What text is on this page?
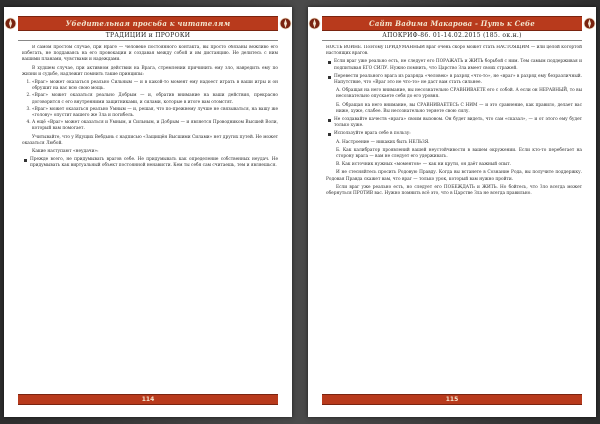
Убедительная просьба к читателям
ТРАДИЦИИ и ПРОРОКИ

В самом простом случае, при Враге — человеке постоянного контакта, вы просто обязаны вежливо его избегать, не поддаваясь на его провокации и создавая между собой и им дистанцию. Не делитесь с ним вашими планами, чувствами и надеждами.

В худшем случае, при активном действии на Врага, стремлении причинить ему зло, навредить ему по жизни и судьбе, надлежит помнить такие принципы:

1. «Враг» может оказаться реально Сильным — и в какой-то момент ему надоест играть в ваши игры и он обрушит на вас всю свою мощь.
2. «Враг» может оказаться реально Добрым — и, обратив внимание на ваши действия, прекрасно договорится с его внутренними защитниками, и силами, которые в итоге вам отомстят.
3. «Враг» может оказаться реально Умным — и, решая, что по-прежнему лучше не связываться, на вашу же «голову» опустит вашего же Зла и погибель.
4. А ещё «Враг» может оказаться и Умным, и Сильным, и Добрым — и является Проводником Высшей Воли, который вам помогает.

Учитывайте, что у Идущих Вебдынь с надписью «Защищён Высшими Силами» нет других путей. Не может оказаться Любой.

Какие наступают «неудачи»:

Прежде всего, не придумывать врагов себе. Не придумывать как определение собственных неудач. Не придумывать как виртуальный объект постоянной ненависти. Кем ты себя сам считаешь, тем и являешься.
114
Сайт Вадима Макарова - Путь к Себе
АПОКРИФ-86. 01-14.02.2015 (185. ок.н.)

НОСТЬ ВОЙНЕ. Поэтому ПРИДУМАННЫЙ враг очень скоро может стать НАСТОЯЩИМ — или целой когортой настоящих врагов.

Если враг уже реально есть, не следует его ПОРАЖАТЬ и ЖИТЬ борьбой с ним. Тем самым поддерживая и подпитывая ЕГО СИЛУ. Нужно помнить, что Царство Зла имеет своих стражей.
Перевести реального врага из разряда «человек» в разряд «что-то», не «враг» в разряд ему безразличный. Напутствие, что «Враг это не что-то» не даст вам стать сильнее.
А. Обращая на него внимание, вы несознательно СРАВНИВАЕТЕ его с собой. А если он НЕРАВНЫЙ, то вы несознательно опускаете себя до его уровня.
Б. Обращая на него внимание, вы СРАВНИВАЕТЕСЬ С НИМ — и это сравнение, как правило, делает вас ниже, хуже, слабее. Вы несознательно теряете свою силу.
Не создавайте качеств «врага» своим вызовом. Он будет видеть, что сам «сказал», — и от этого ему будет только хуже.
Используйте врага себе в пользу:
А. Настроение — никаких быть НЕЛЬЗЯ.
Б. Как калибратор проявлений вашей неустойчивости в вашем окружении. Если кто-то перебегает на сторону врага — вам не следует его удерживать.
В. Как источник нужных «моментов» — как ни крути, он даёт важный опыт.

И не стесняйтесь просить Родовую Правду. Когда вы встанете в Сознание Рода, вы получите поддержку. Родовая Правда скажет вам, что враг — только урок, который вам нужно пройти.

Если враг уже реально есть, но следует его ПОБЕЖДАТЬ и ЖИТЬ. Но бойтесь, что Зло всегда может обернуться ПРОТИВ вас. Нужно помнить всё это, что в Царстве Зла не всегда правильно.

115
